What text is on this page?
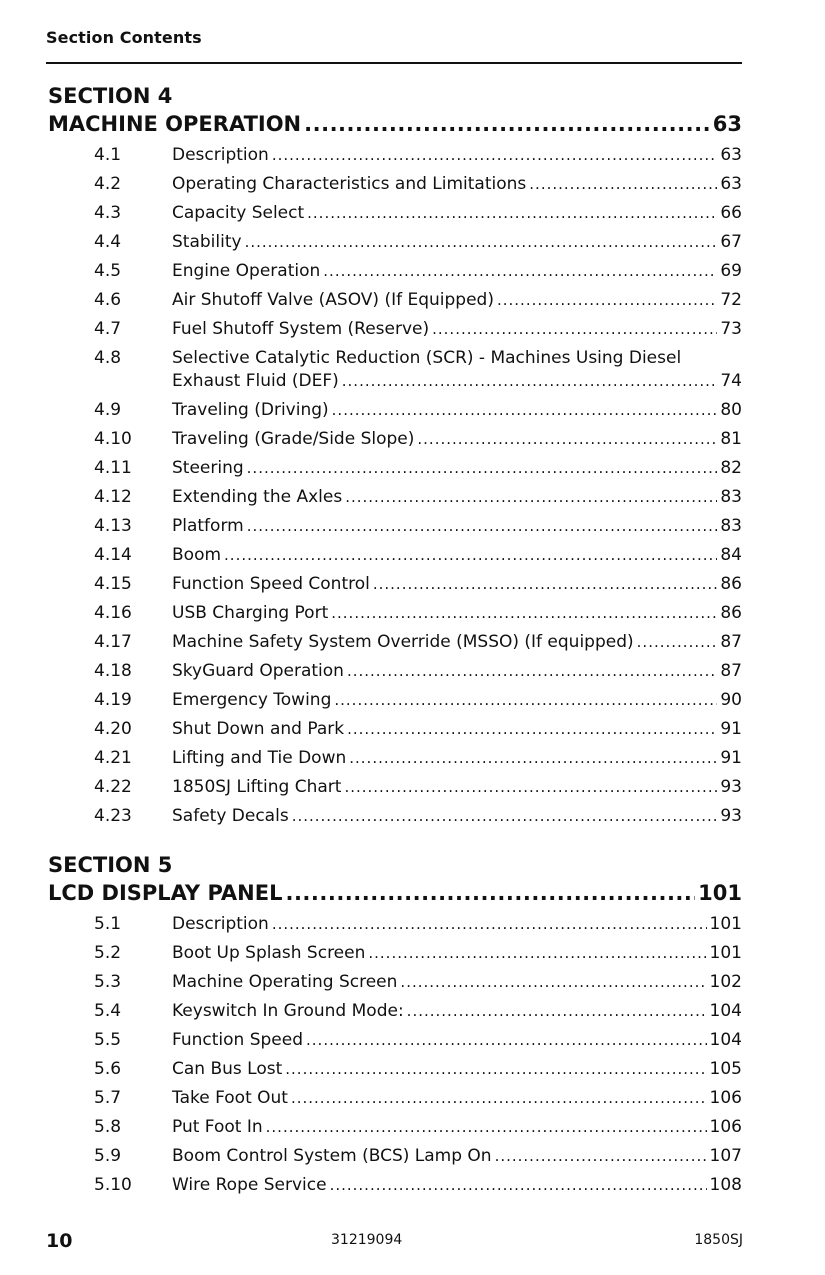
Section Contents
SECTION 4
MACHINE OPERATION .....	63
4.1	Description .....	63
4.2	Operating Characteristics and Limitations .....	63
4.3	Capacity Select .....	66
4.4	Stability .....	67
4.5	Engine Operation .....	69
4.6	Air Shutoff Valve (ASOV) (If Equipped) .....	72
4.7	Fuel Shutoff System (Reserve) .....	73
4.8	Selective Catalytic Reduction (SCR) - Machines Using Diesel
Exhaust Fluid (DEF) .....	74
4.9	Traveling (Driving) .....	80
4.10 Traveling (Grade/Side Slope) .....	81
4.11 Steering .....	82
4.12 Extending the Axles .....	83
4.13 Platform .....	83
4.14 Boom .....	84
4.15 Function Speed Control .....	86
4.16 USB Charging Port .....	86
4.17 Machine Safety System Override (MSSO) (If equipped) .....	87
4.18 SkyGuard Operation .....	87
4.19 Emergency Towing .....	90
4.20 Shut Down and Park .....	91
4.21 Lifting and Tie Down .....	91
4.22 1850SJ Lifting Chart .....	93
4.23 Safety Decals .....	93
SECTION 5
LCD DISPLAY PANEL .....	101
5.1	Description .....	101
5.2	Boot Up Splash Screen .....	101
5.3	Machine Operating Screen .....	102
5.4	Keyswitch In Ground Mode: .....	104
5.5	Function Speed .....	104
5.6	Can Bus Lost .....	105
5.7	Take Foot Out .....	106
5.8	Put Foot In .....	106
5.9	Boom Control System (BCS) Lamp On .....	107
5.10 Wire Rope Service .....	108
10	31219094	1850SJ
